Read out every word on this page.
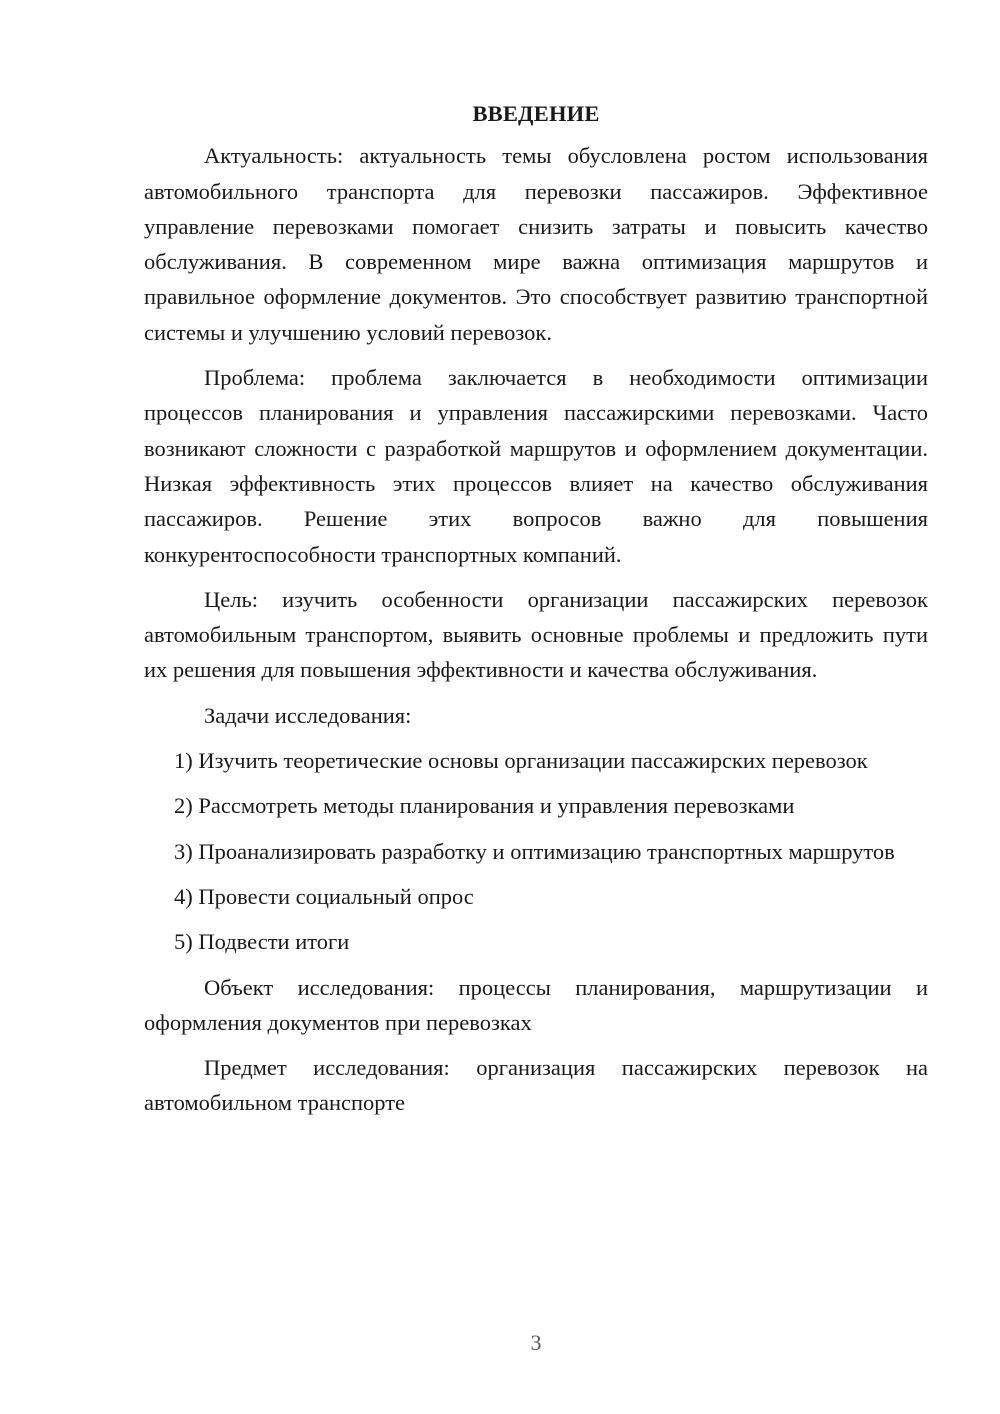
ВВЕДЕНИЕ

Актуальность: актуальность темы обусловлена ростом использования автомобильного транспорта для перевозки пассажиров. Эффективное управление перевозками помогает снизить затраты и повысить качество обслуживания. В современном мире важна оптимизация маршрутов и правильное оформление документов. Это способствует развитию транспортной системы и улучшению условий перевозок.

Проблема: проблема заключается в необходимости оптимизации процессов планирования и управления пассажирскими перевозками. Часто возникают сложности с разработкой маршрутов и оформлением документации. Низкая эффективность этих процессов влияет на качество обслуживания пассажиров. Решение этих вопросов важно для повышения конкурентоспособности транспортных компаний.

Цель: изучить особенности организации пассажирских перевозок автомобильным транспортом, выявить основные проблемы и предложить пути их решения для повышения эффективности и качества обслуживания.

Задачи исследования:

1) Изучить теоретические основы организации пассажирских перевозок

2) Рассмотреть методы планирования и управления перевозками

3) Проанализировать разработку и оптимизацию транспортных маршрутов

4) Провести социальный опрос

5) Подвести итоги

Объект исследования: процессы планирования, маршрутизации и оформления документов при перевозках

Предмет исследования: организация пассажирских перевозок на автомобильном транспорте

3
